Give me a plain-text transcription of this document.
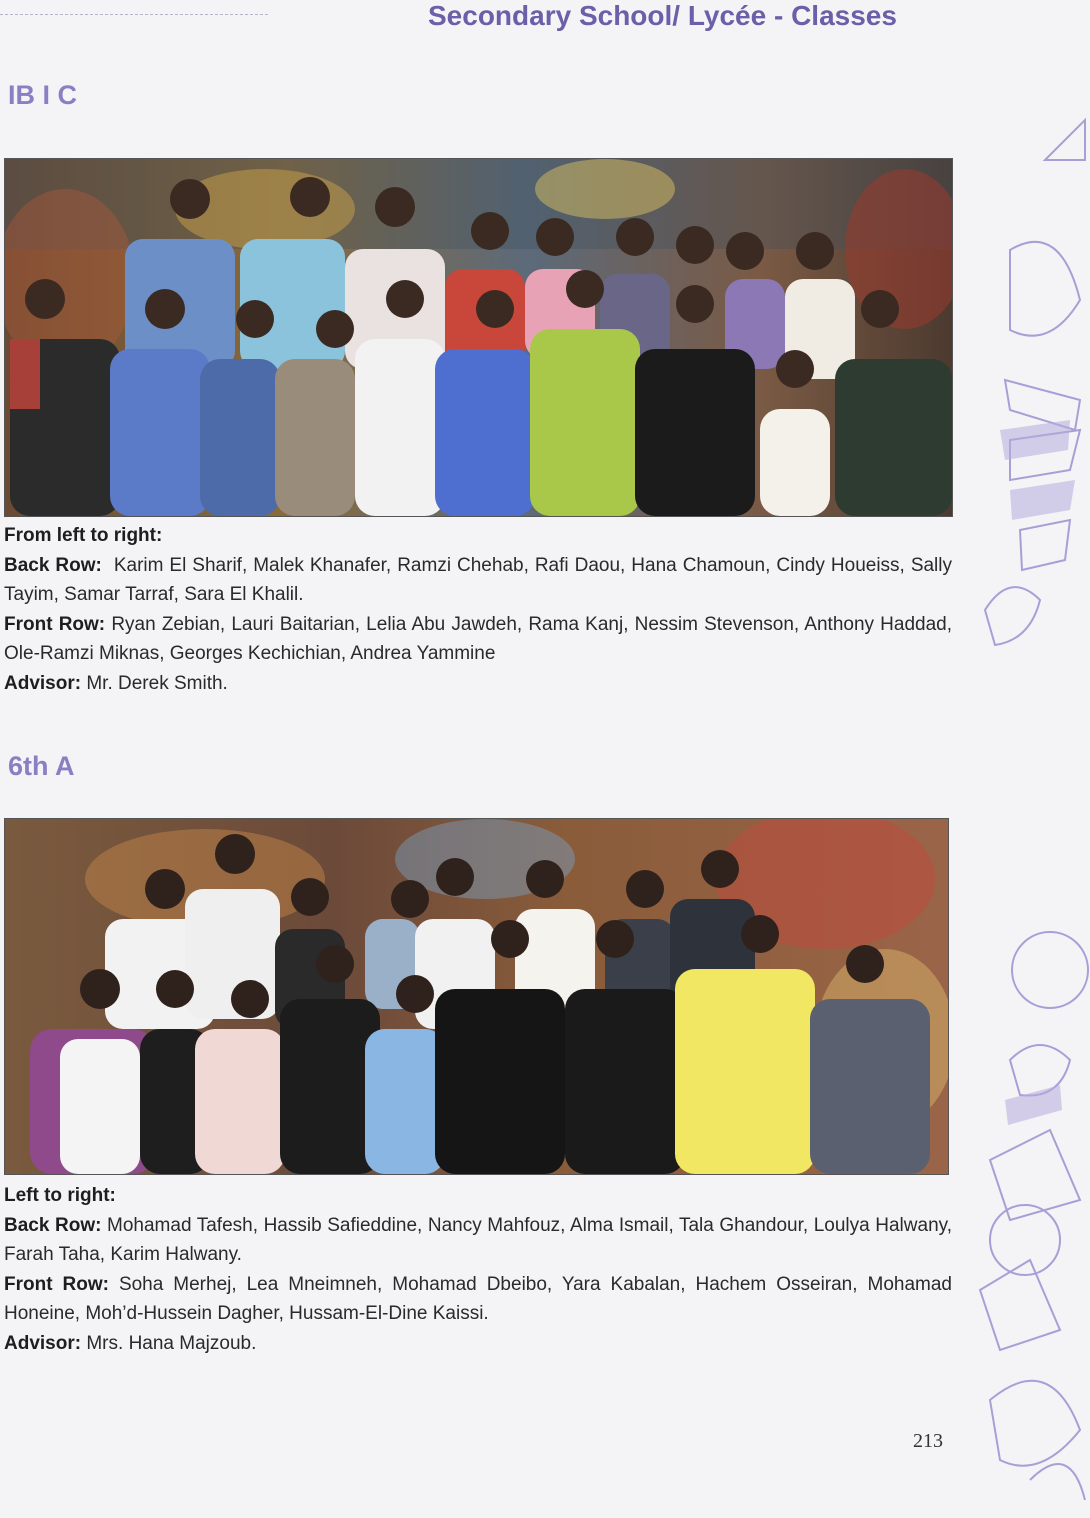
Secondary School/ Lycée - Classes
IB I C
From left to right:
Back Row: Karim El Sharif, Malek Khanafer, Ramzi Chehab, Rafi Daou, Hana Chamoun, Cindy Houeiss, Sally Tayim, Samar Tarraf, Sara El Khalil.
Front Row: Ryan Zebian, Lauri Baitarian, Lelia Abu Jawdeh, Rama Kanj, Nessim Stevenson, Anthony Haddad, Ole-Ramzi Miknas, Georges Kechichian, Andrea Yammine
Advisor: Mr. Derek Smith.
6th A
Left to right:
Back Row: Mohamad Tafesh, Hassib Safieddine, Nancy Mahfouz, Alma Ismail, Tala Ghandour, Loulya Halwany, Farah Taha, Karim Halwany.
Front Row: Soha Merhej, Lea Mneimneh, Mohamad Dbeibo, Yara Kabalan, Hachem Osseiran, Mohamad Honeine, Moh’d-Hussein Dagher, Hussam-El-Dine Kaissi.
Advisor: Mrs. Hana Majzoub.
213
